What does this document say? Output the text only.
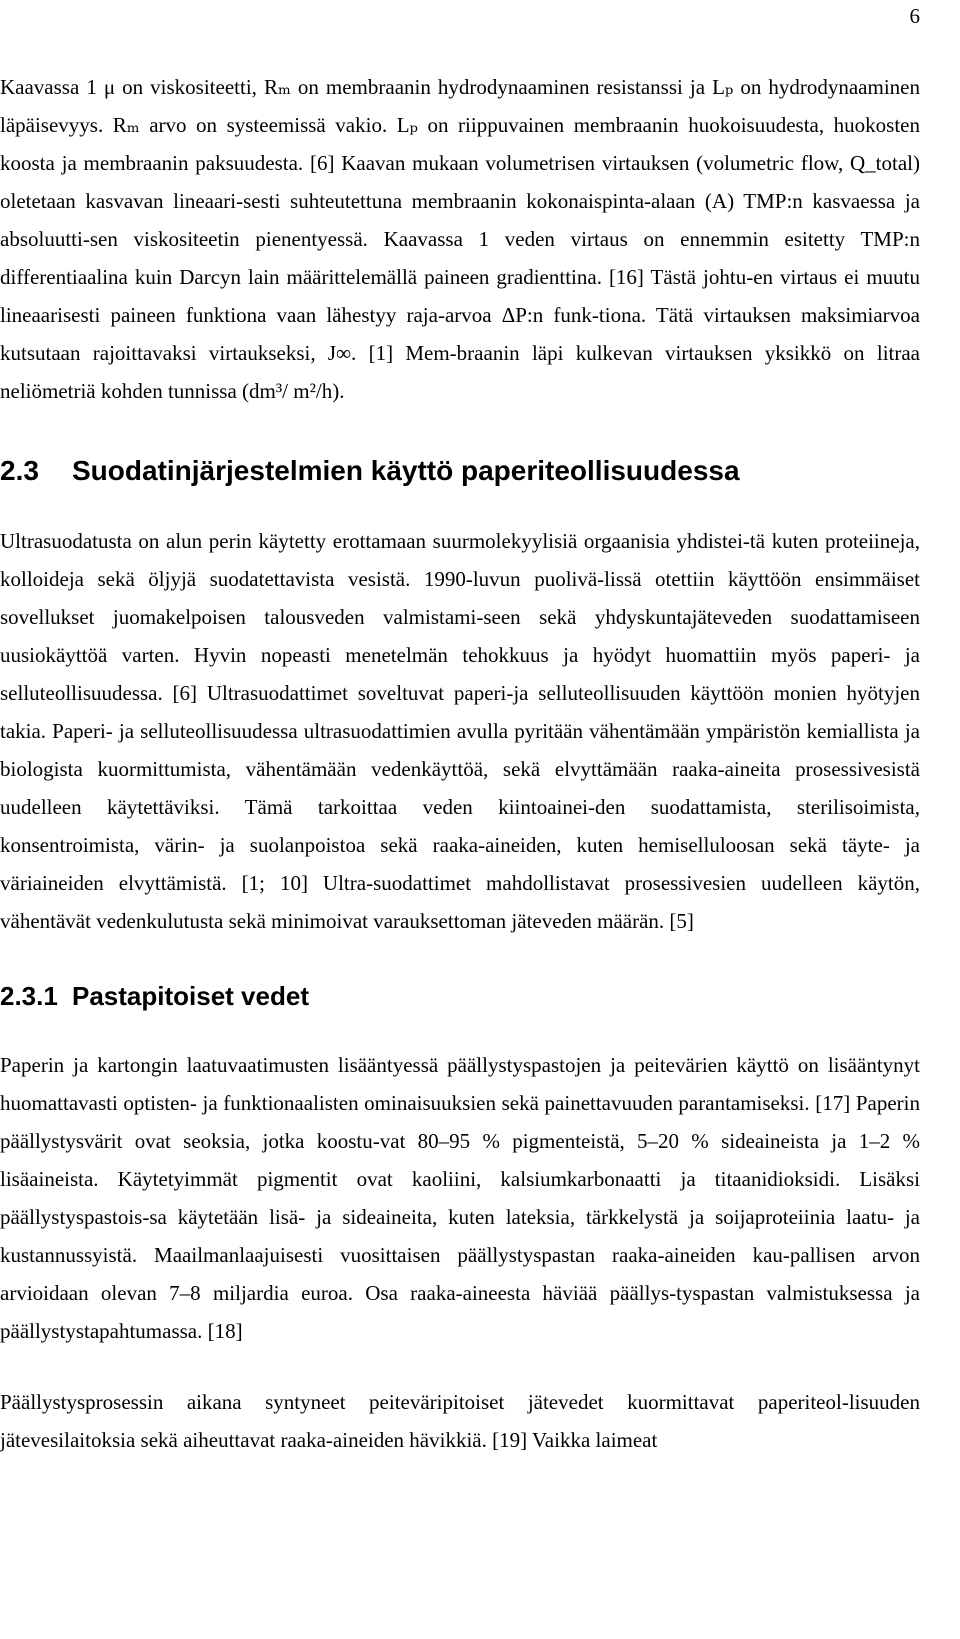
6

Kaavassa 1 μ on viskositeetti, Rₘ on membraanin hydrodynaaminen resistanssi ja Lₚ on hydrodynaaminen läpäisevyys. Rₘ arvo on systeemissä vakio. Lₚ on riippuvainen membraanin huokoisuudesta, huokosten koosta ja membraanin paksuudesta. [6] Kaavan mukaan volumetrisen virtauksen (volumetric flow, Q_total) oletetaan kasvavan lineaari-sesti suhteutettuna membraanin kokonaispinta-alaan (A) TMP:n kasvaessa ja absoluutti-sen viskositeetin pienentyessä. Kaavassa 1 veden virtaus on ennemmin esitetty TMP:n differentiaalina kuin Darcyn lain määrittelemällä paineen gradienttina. [16] Tästä johtu-en virtaus ei muutu lineaarisesti paineen funktiona vaan lähestyy raja-arvoa ΔP:n funk-tiona. Tätä virtauksen maksimiarvoa kutsutaan rajoittavaksi virtaukseksi, J∞. [1] Mem-braanin läpi kulkevan virtauksen yksikkö on litraa neliömetriä kohden tunnissa (dm³/ m²/h).

2.3	Suodatinjärjestelmien käyttö paperiteollisuudessa

Ultrasuodatusta on alun perin käytetty erottamaan suurmolekyylisiä orgaanisia yhdistei-tä kuten proteiineja, kolloideja sekä öljyjä suodatettavista vesistä. 1990-luvun puolivä-lissä otettiin käyttöön ensimmäiset sovellukset juomakelpoisen talousveden valmistami-seen sekä yhdyskuntajäteveden suodattamiseen uusiokäyttöä varten. Hyvin nopeasti menetelmän tehokkuus ja hyödyt huomattiin myös paperi- ja selluteollisuudessa. [6] Ultrasuodattimet soveltuvat paperi-ja selluteollisuuden käyttöön monien hyötyjen takia. Paperi- ja selluteollisuudessa ultrasuodattimien avulla pyritään vähentämään ympäristön kemiallista ja biologista kuormittumista, vähentämään vedenkäyttöä, sekä elvyttämään raaka-aineita prosessivesistä uudelleen käytettäviksi. Tämä tarkoittaa veden kiintoainei-den suodattamista, sterilisoimista, konsentroimista, värin- ja suolanpoistoa sekä raaka-aineiden, kuten hemiselluloosan sekä täyte- ja väriaineiden elvyttämistä. [1; 10] Ultra-suodattimet mahdollistavat prosessivesien uudelleen käytön, vähentävät vedenkulutusta sekä minimoivat varauksettoman jäteveden määrän. [5]

2.3.1 Pastapitoiset vedet

Paperin ja kartongin laatuvaatimusten lisääntyessä päällystyspastojen ja peitevärien käyttö on lisääntynyt huomattavasti optisten- ja funktionaalisten ominaisuuksien sekä painettavuuden parantamiseksi. [17] Paperin päällystysvärit ovat seoksia, jotka koostu-vat 80–95 % pigmenteistä, 5–20 % sideaineista ja 1–2 % lisäaineista. Käytetyimmät pigmentit ovat kaoliini, kalsiumkarbonaatti ja titaanidioksidi. Lisäksi päällystyspastois-sa käytetään lisä- ja sideaineita, kuten lateksia, tärkkelystä ja soijaproteiinia laatu- ja kustannussyistä. Maailmanlaajuisesti vuosittaisen päällystyspastan raaka-aineiden kau-pallisen arvon arvioidaan olevan 7–8 miljardia euroa. Osa raaka-aineesta häviää päällys-tyspastan valmistuksessa ja päällystystapahtumassa. [18]

Päällystysprosessin aikana syntyneet peiteväripitoiset jätevedet kuormittavat paperiteol-lisuuden jätevesilaitoksia sekä aiheuttavat raaka-aineiden hävikkiä. [19] Vaikka laimeat
